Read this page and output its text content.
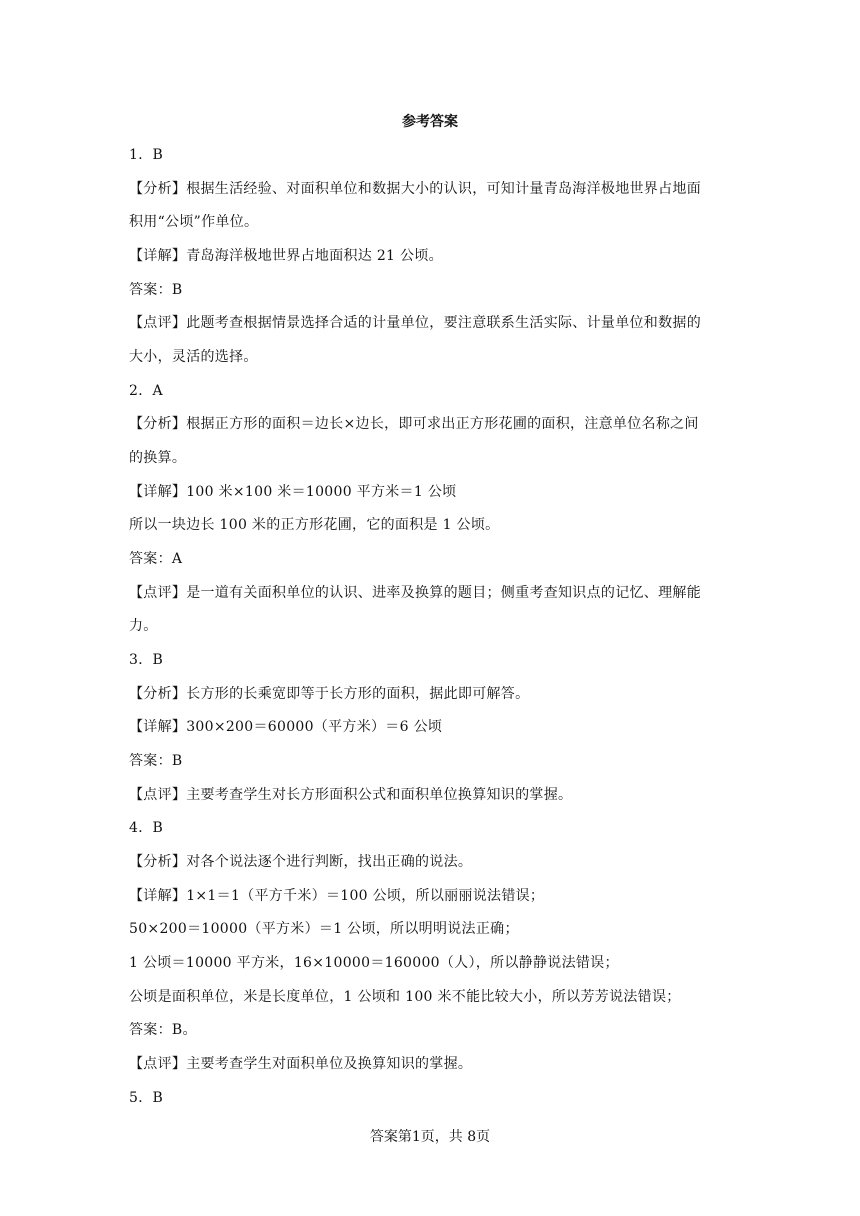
参考答案
1．B
【分析】根据生活经验、对面积单位和数据大小的认识，可知计量青岛海洋极地世界占地面
积用“公顷”作单位。
【详解】青岛海洋极地世界占地面积达 21 公顷。
答案：B
【点评】此题考查根据情景选择合适的计量单位，要注意联系生活实际、计量单位和数据的
大小，灵活的选择。
2．A
【分析】根据正方形的面积＝边长×边长，即可求出正方形花圃的面积，注意单位名称之间
的换算。
【详解】100 米×100 米＝10000 平方米＝1 公顷
所以一块边长 100 米的正方形花圃，它的面积是 1 公顷。
答案：A
【点评】是一道有关面积单位的认识、进率及换算的题目；侧重考查知识点的记忆、理解能
力。
3．B
【分析】长方形的长乘宽即等于长方形的面积，据此即可解答。
【详解】300×200＝60000（平方米）＝6 公顷
答案：B
【点评】主要考查学生对长方形面积公式和面积单位换算知识的掌握。
4．B
【分析】对各个说法逐个进行判断，找出正确的说法。
【详解】1×1＝1（平方千米）＝100 公顷，所以丽丽说法错误；
50×200＝10000（平方米）＝1 公顷，所以明明说法正确；
1 公顷＝10000 平方米，16×10000＝160000（人），所以静静说法错误；
公顷是面积单位，米是长度单位，1 公顷和 100 米不能比较大小，所以芳芳说法错误；
答案：B。
【点评】主要考查学生对面积单位及换算知识的掌握。
5．B
答案第1页，共 8页
